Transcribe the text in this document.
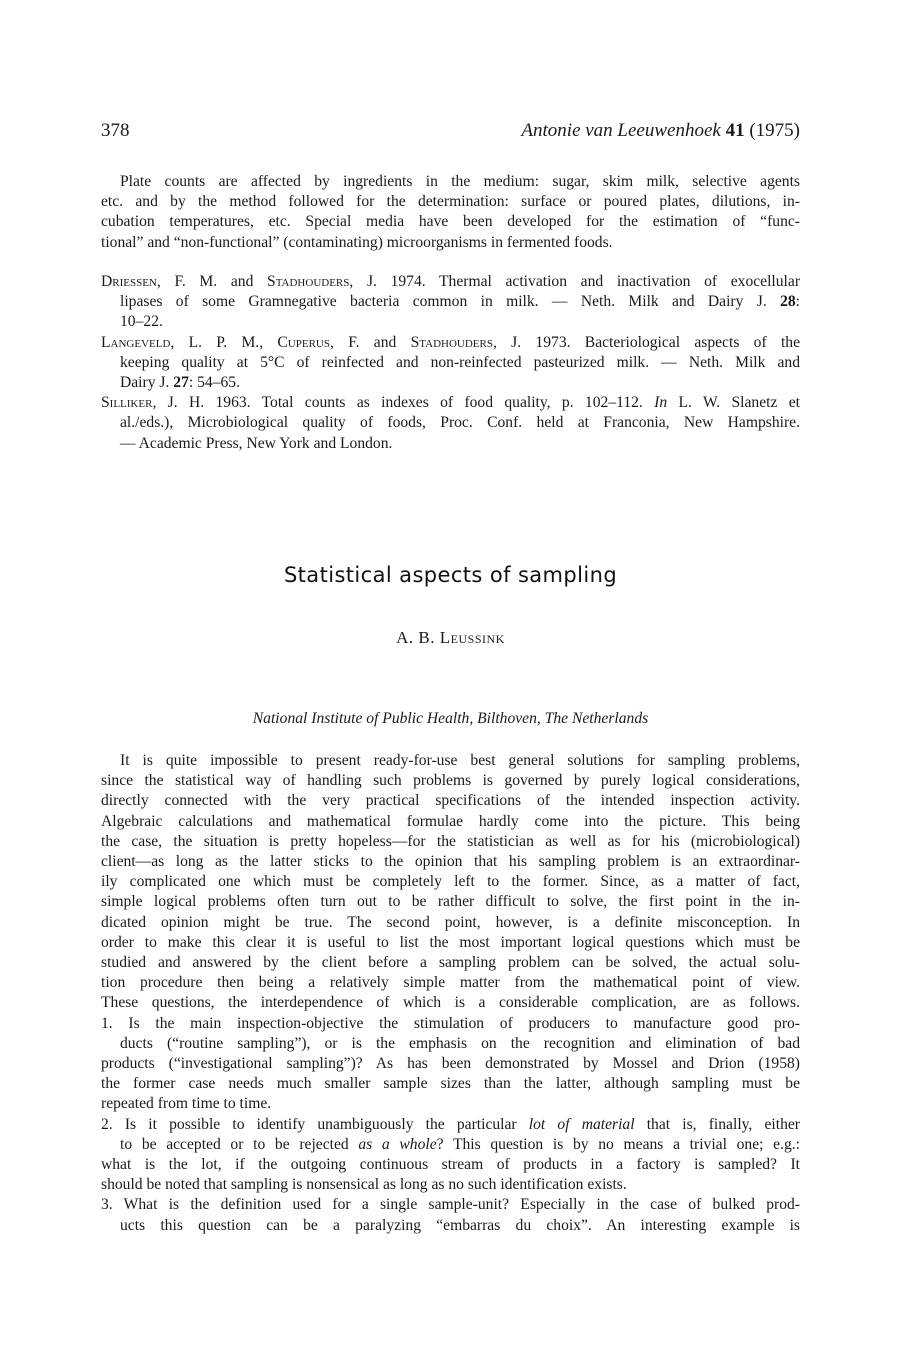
378	Antonie van Leeuwenhoek 41 (1975)
Plate counts are affected by ingredients in the medium: sugar, skim milk, selective agents
etc. and by the method followed for the determination: surface or poured plates, dilutions, in-
cubation temperatures, etc. Special media have been developed for the estimation of “func-
tional” and “non-functional” (contaminating) microorganisms in fermented foods.
Driessen, F. M. and Stadhouders, J. 1974. Thermal activation and inactivation of exocellular
lipases of some Gramnegative bacteria common in milk. — Neth. Milk and Dairy J. 28:
10–22.
Langeveld, L. P. M., Cuperus, F. and Stadhouders, J. 1973. Bacteriological aspects of the
keeping quality at 5°C of reinfected and non-reinfected pasteurized milk. — Neth. Milk and
Dairy J. 27: 54–65.
Silliker, J. H. 1963. Total counts as indexes of food quality, p. 102–112. In L. W. Slanetz et
al./eds.), Microbiological quality of foods, Proc. Conf. held at Franconia, New Hampshire.
— Academic Press, New York and London.
Statistical aspects of sampling
A. B. Leussink
National Institute of Public Health, Bilthoven, The Netherlands
It is quite impossible to present ready-for-use best general solutions for sampling problems,
since the statistical way of handling such problems is governed by purely logical considerations,
directly connected with the very practical specifications of the intended inspection activity.
Algebraic calculations and mathematical formulae hardly come into the picture. This being
the case, the situation is pretty hopeless—for the statistician as well as for his (microbiological)
client—as long as the latter sticks to the opinion that his sampling problem is an extraordinar-
ily complicated one which must be completely left to the former. Since, as a matter of fact,
simple logical problems often turn out to be rather difficult to solve, the first point in the in-
dicated opinion might be true. The second point, however, is a definite misconception. In
order to make this clear it is useful to list the most important logical questions which must be
studied and answered by the client before a sampling problem can be solved, the actual solu-
tion procedure then being a relatively simple matter from the mathematical point of view.
These questions, the interdependence of which is a considerable complication, are as follows.
1. Is the main inspection-objective the stimulation of producers to manufacture good pro-
ducts (“routine sampling”), or is the emphasis on the recognition and elimination of bad
products (“investigational sampling”)? As has been demonstrated by Mossel and Drion (1958)
the former case needs much smaller sample sizes than the latter, although sampling must be
repeated from time to time.
2. Is it possible to identify unambiguously the particular lot of material that is, finally, either
to be accepted or to be rejected as a whole? This question is by no means a trivial one; e.g.:
what is the lot, if the outgoing continuous stream of products in a factory is sampled? It
should be noted that sampling is nonsensical as long as no such identification exists.
3. What is the definition used for a single sample-unit? Especially in the case of bulked prod-
ucts this question can be a paralyzing “embarras du choix”. An interesting example is
